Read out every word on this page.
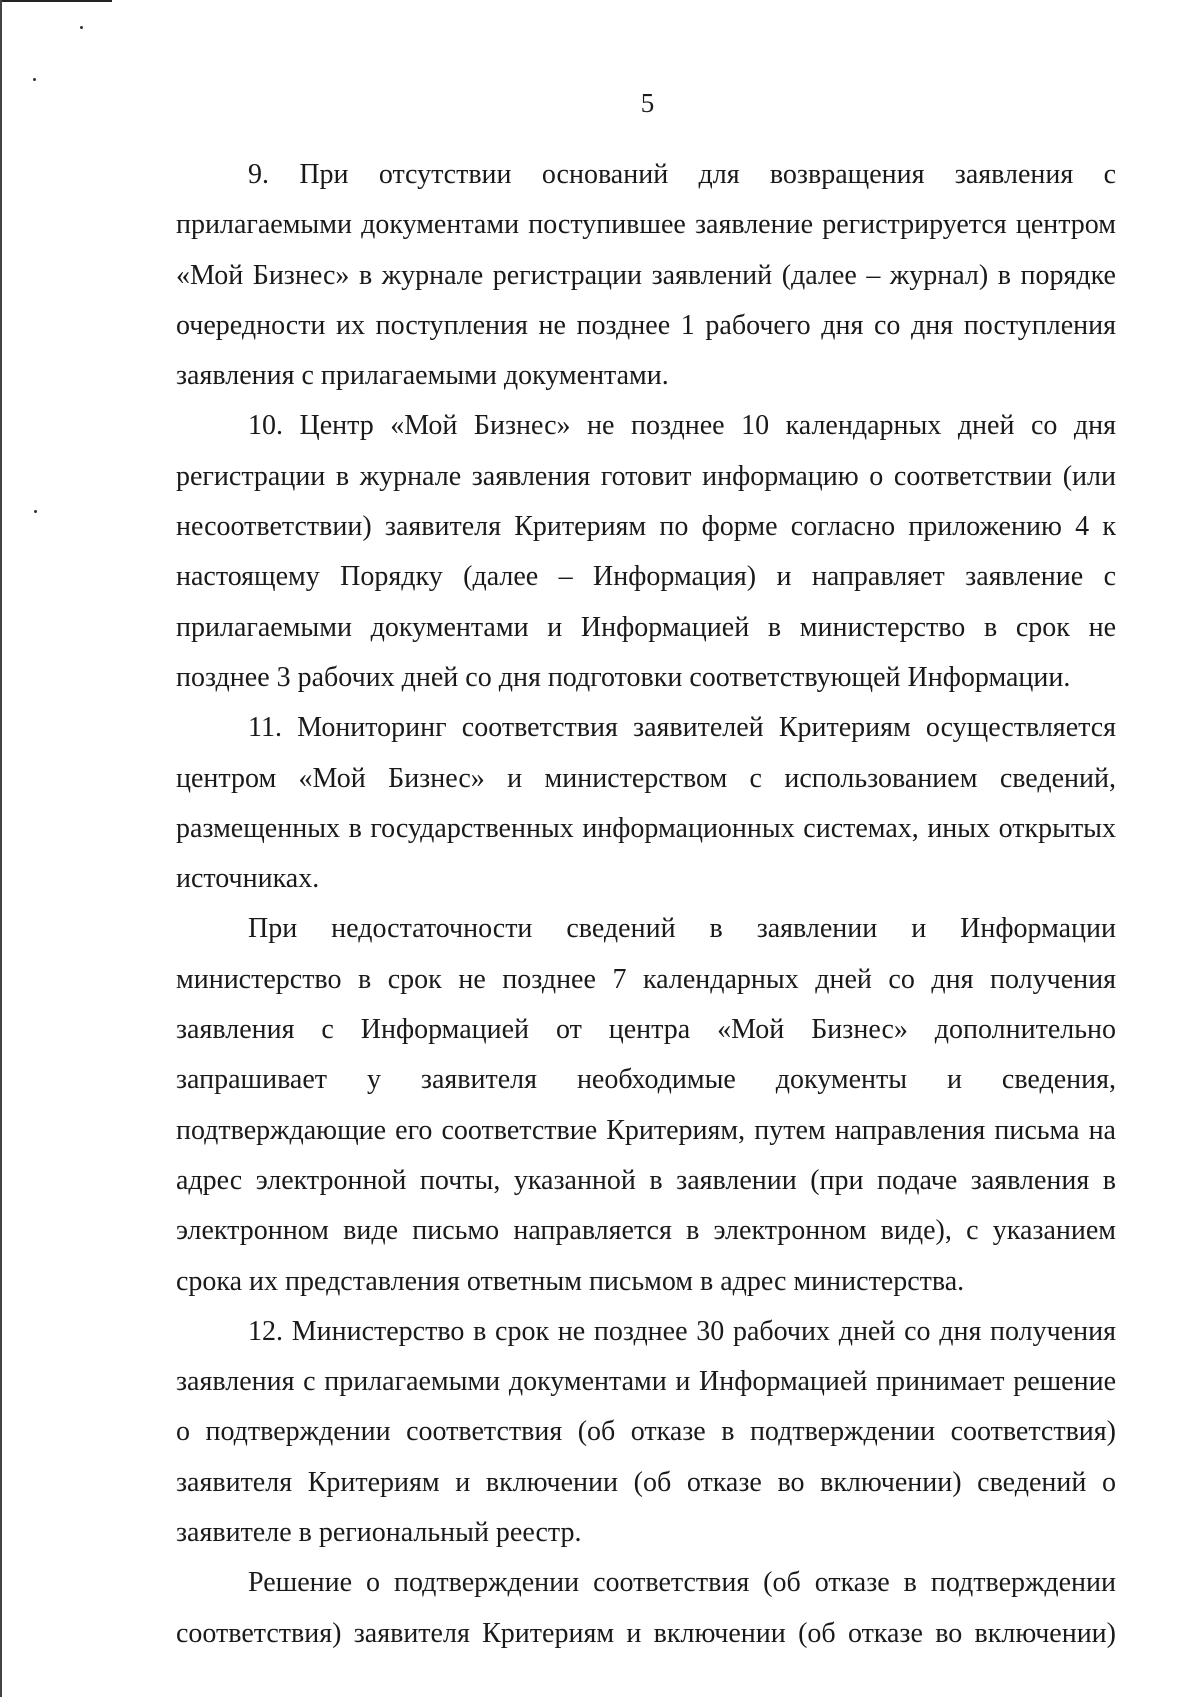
5
9. При отсутствии оснований для возвращения заявления с
прилагаемыми документами поступившее заявление регистрируется центром
«Мой Бизнес» в журнале регистрации заявлений (далее – журнал) в порядке
очередности их поступления не позднее 1 рабочего дня со дня поступления
заявления с прилагаемыми документами.
10. Центр «Мой Бизнес» не позднее 10 календарных дней со дня
регистрации в журнале заявления готовит информацию о соответствии (или
несоответствии) заявителя Критериям по форме согласно приложению 4 к
настоящему Порядку (далее – Информация) и направляет заявление с
прилагаемыми документами и Информацией в министерство в срок не
позднее 3 рабочих дней со дня подготовки соответствующей Информации.
11. Мониторинг соответствия заявителей Критериям осуществляется
центром «Мой Бизнес» и министерством с использованием сведений,
размещенных в государственных информационных системах, иных открытых
источниках.
При недостаточности сведений в заявлении и Информации
министерство в срок не позднее 7 календарных дней со дня получения
заявления с Информацией от центра «Мой Бизнес» дополнительно
запрашивает у заявителя необходимые документы и сведения,
подтверждающие его соответствие Критериям, путем направления письма на
адрес электронной почты, указанной в заявлении (при подаче заявления в
электронном виде письмо направляется в электронном виде), с указанием
срока их представления ответным письмом в адрес министерства.
12. Министерство в срок не позднее 30 рабочих дней со дня получения
заявления с прилагаемыми документами и Информацией принимает решение
о подтверждении соответствия (об отказе в подтверждении соответствия)
заявителя Критериям и включении (об отказе во включении) сведений о
заявителе в региональный реестр.
Решение о подтверждении соответствия (об отказе в подтверждении
соответствия) заявителя Критериям и включении (об отказе во включении)
